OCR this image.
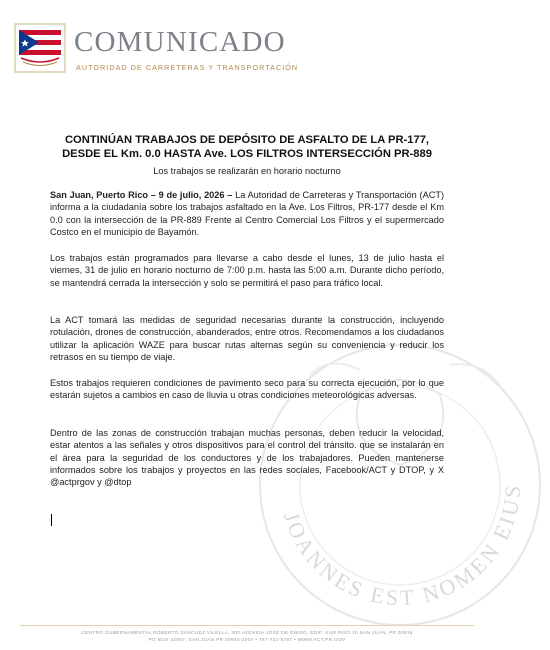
COMUNICADO
AUTORIDAD DE CARRETERAS Y TRANSPORTACIÓN
JOANNES EST NOMEN EIUS
CONTINÚAN TRABAJOS DE DEPÓSITO DE ASFALTO DE LA PR-177,
DESDE EL Km. 0.0 HASTA Ave. LOS FILTROS INTERSECCIÓN PR-889
Los trabajos se realizarán en horario nocturno

San Juan, Puerto Rico – 9 de julio, 2026 – La Autoridad de Carreteras y Transportación (ACT) informa a la ciudadanía sobre los trabajos asfaltado en la Ave. Los Filtros, PR-177 desde el Km 0.0 con la intersección de la PR-889 Frente al Centro Comercial Los Filtros y el supermercado Costco en el municipio de Bayamón.

Los trabajos están programados para llevarse a cabo desde el lunes, 13 de julio hasta el viernes, 31 de julio en horario nocturno de 7:00 p.m. hasta las 5:00 a.m. Durante dicho período, se mantendrá cerrada la intersección y solo se permitirá el paso para tráfico local.

La ACT tomará las medidas de seguridad necesarias durante la construcción, incluyendo rotulación, drones de construcción, abanderados, entre otros. Recomendamos a los ciudadanos utilizar la aplicación WAZE para buscar rutas alternas según su conveniencia y reducir los retrasos en su tiempo de viaje.

Estos trabajos requieren condiciones de pavimento seco para su correcta ejecución, por lo que estarán sujetos a cambios en caso de lluvia u otras condiciones meteorológicas adversas.

Dentro de las zonas de construcción trabajan muchas personas, deben reducir la velocidad, estar atentos a las señales y otros dispositivos para el control del tránsito. que se instalarán en el área para la seguridad de los conductores y de los trabajadores. Pueden mantenerse informados sobre los trabajos y proyectos en las redes sociales, Facebook/ACT y DTOP, y X @actprgov y @dtop

CENTRO GUBERNAMENTAL ROBERTO SÁNCHEZ VILELLA, 300 AVENIDA JOSÉ DE DIEGO, EDIF. SUR PISO 10 SAN JUAN, PR 00918
PO BOX 42007, SAN JUAN PR 00940-2007 • 787-721-8787 • WWW.ACT.PR.GOV
